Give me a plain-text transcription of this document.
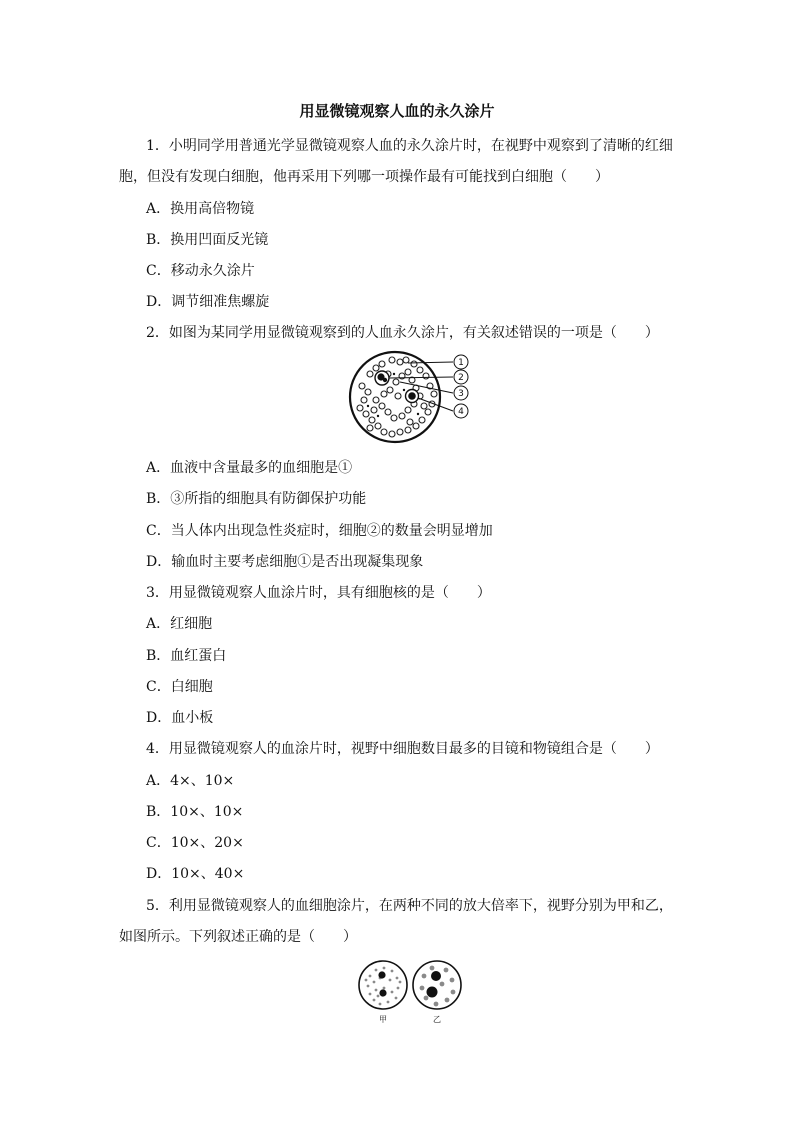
用显微镜观察人血的永久涂片
1．小明同学用普通光学显微镜观察人血的永久涂片时，在视野中观察到了清晰的红细
胞，但没有发现白细胞，他再采用下列哪一项操作最有可能找到白细胞（　　）
A．换用高倍物镜
B．换用凹面反光镜
C．移动永久涂片
D．调节细准焦螺旋
2．如图为某同学用显微镜观察到的人血永久涂片，有关叙述错误的一项是（　　）
1
2
3
4
A．血液中含量最多的血细胞是①
B．③所指的细胞具有防御保护功能
C．当人体内出现急性炎症时，细胞②的数量会明显增加
D．输血时主要考虑细胞①是否出现凝集现象
3．用显微镜观察人血涂片时，具有细胞核的是（　　）
A．红细胞
B．血红蛋白
C．白细胞
D．血小板
4．用显微镜观察人的血涂片时，视野中细胞数目最多的目镜和物镜组合是（　　）
A．4×、10×
B．10×、10×
C．10×、20×
D．10×、40×
5．利用显微镜观察人的血细胞涂片，在两种不同的放大倍率下，视野分别为甲和乙，
如图所示。下列叙述正确的是（　　）
甲	乙
